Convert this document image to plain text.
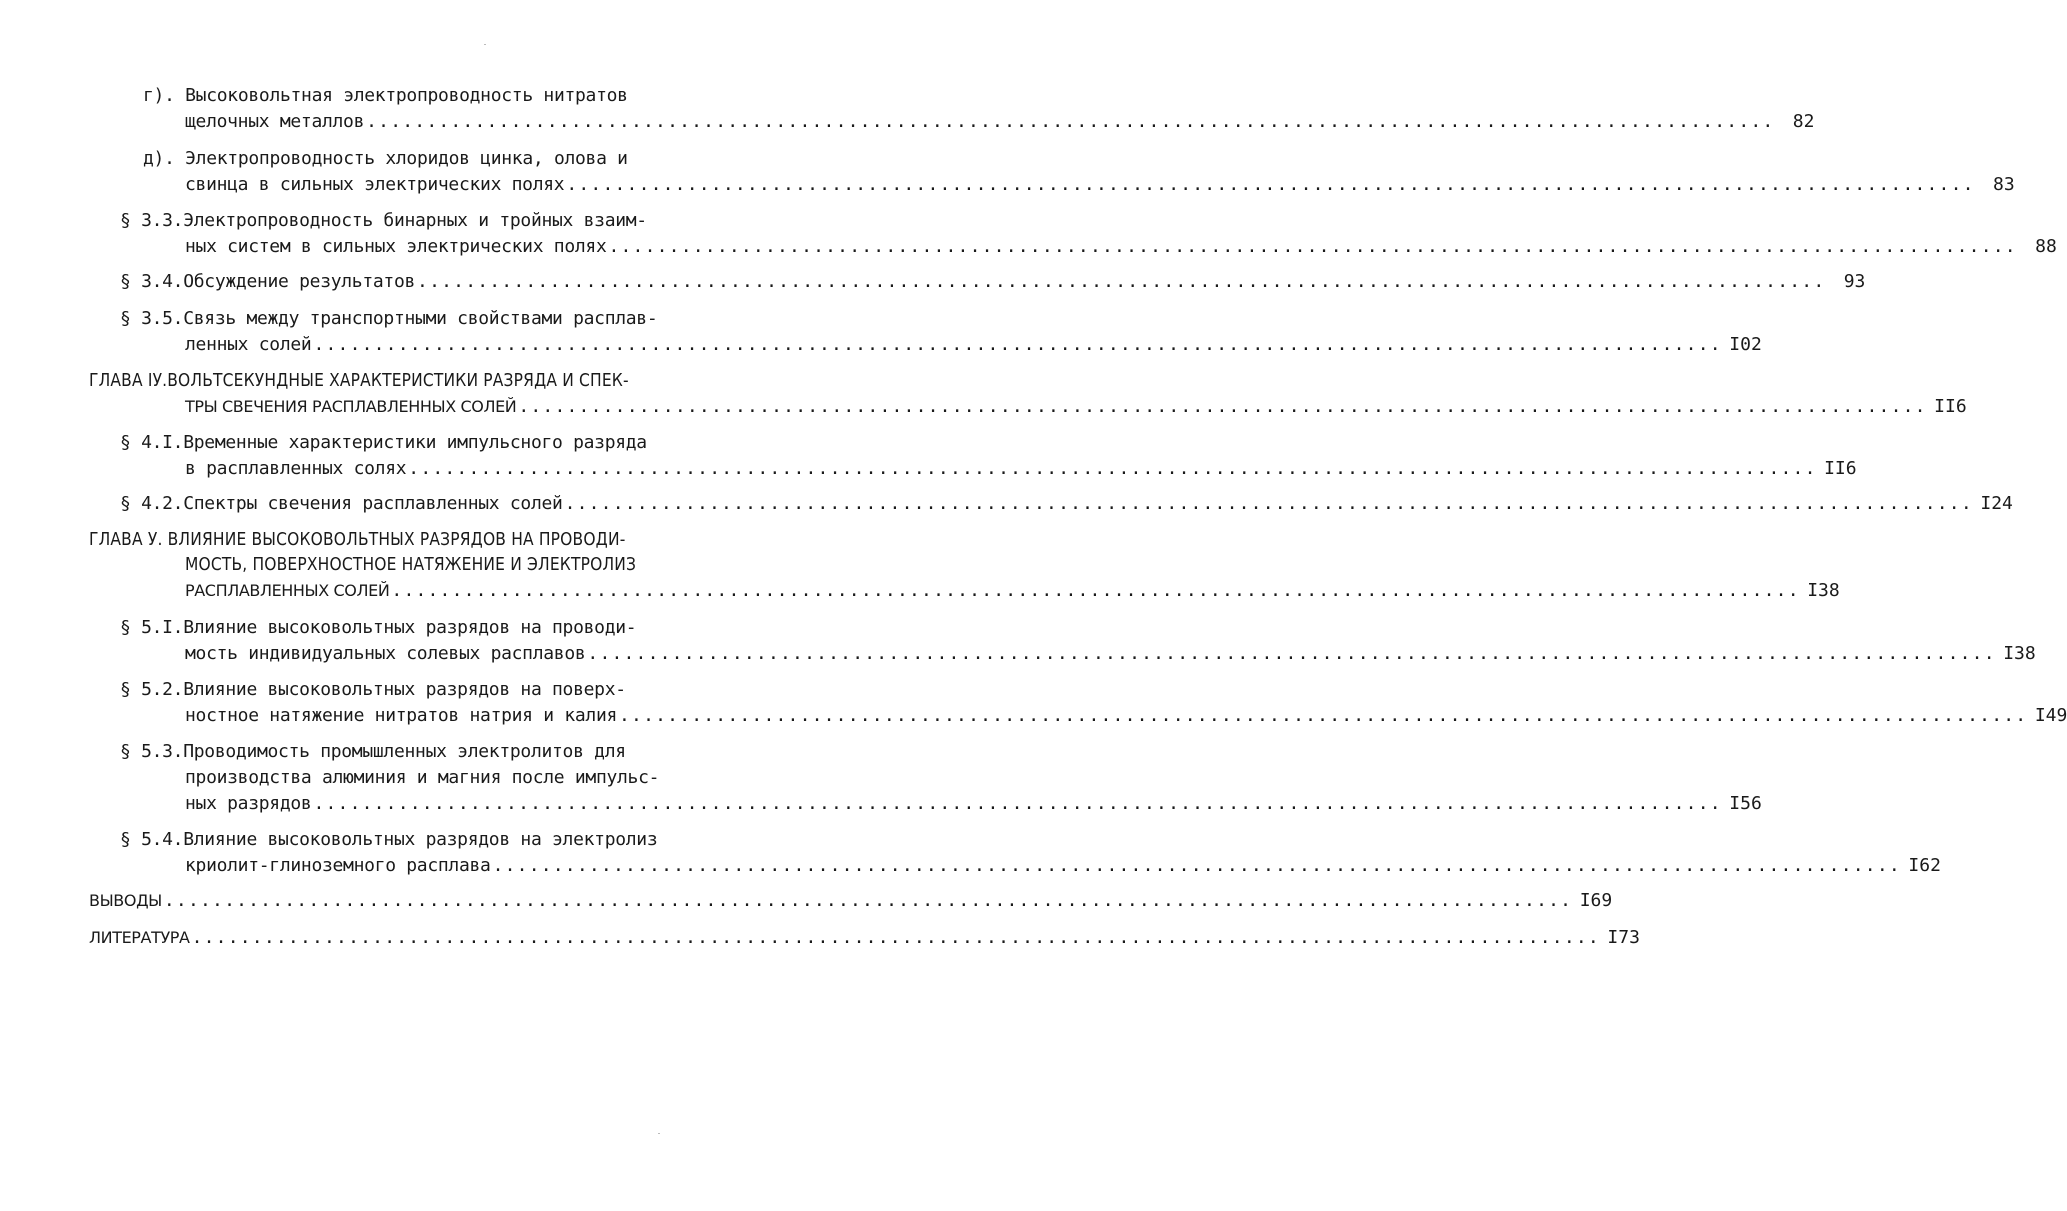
г). Высоковольтная электропроводность нитратов
щелочных металлов .....................................................................................................................	82
д). Электропроводность хлоридов цинка, олова и
свинца в сильных электрических полях .....................................................................................................................	83
§ 3.3.Электропроводность бинарных и тройных взаим-
ных систем в сильных электрических полях .....................................................................................................................	88
§ 3.4.Обсуждение результатов .....................................................................................................................	93
§ 3.5.Связь между транспортными свойствами расплав-
ленных солей ..................................................................................................................... I02
ГЛАВА IУ.ВОЛЬТСЕКУНДНЫЕ ХАРАКТЕРИСТИКИ РАЗРЯДА И СПЕК-
ТРЫ СВЕЧЕНИЯ РАСПЛАВЛЕННЫХ СОЛЕЙ ..................................................................................................................... II6
§ 4.I.Временные характеристики импульсного разряда
в расплавленных солях ..................................................................................................................... II6
§ 4.2.Спектры свечения расплавленных солей ..................................................................................................................... I24
ГЛАВА У. ВЛИЯНИЕ ВЫСОКОВОЛЬТНЫХ РАЗРЯДОВ НА ПРОВОДИ-
МОСТЬ, ПОВЕРХНОСТНОЕ НАТЯЖЕНИЕ И ЭЛЕКТРОЛИЗ
РАСПЛАВЛЕННЫХ СОЛЕЙ ..................................................................................................................... I38
§ 5.I.Влияние высоковольтных разрядов на проводи-
мость индивидуальных солевых расплавов ..................................................................................................................... I38
§ 5.2.Влияние высоковольтных разрядов на поверх-
ностное натяжение нитратов натрия и калия ..................................................................................................................... I49
§ 5.3.Проводимость промышленных электролитов для
производства алюминия и магния после импульс-
ных разрядов ..................................................................................................................... I56
§ 5.4.Влияние высоковольтных разрядов на электролиз
криолит-глиноземного расплава ..................................................................................................................... I62
ВЫВОДЫ ..................................................................................................................... I69
ЛИТЕРАТУРА ..................................................................................................................... I73
